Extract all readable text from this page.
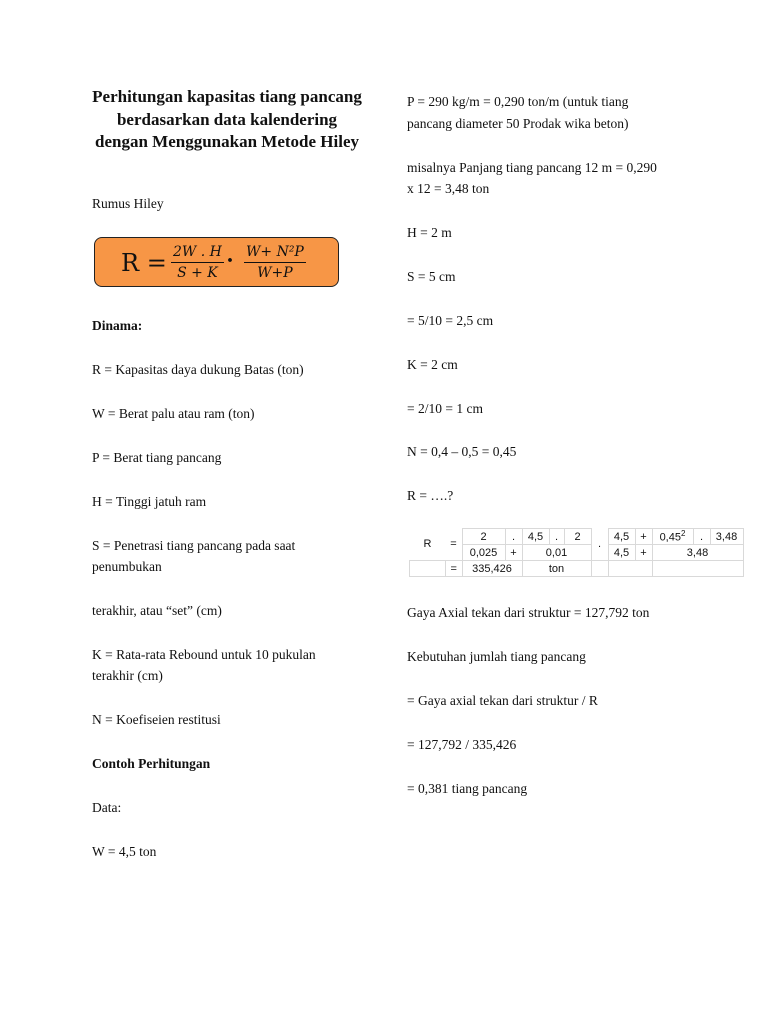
Perhitungan kapasitas tiang pancang berdasarkan data kalendering dengan Menggunakan Metode Hiley
Rumus Hiley
$R = \frac{2W . H}{S + K} \cdot \frac{\text{W+ N²P}}{W+P}$
Dinama:
R = Kapasitas daya dukung Batas (ton)
W = Berat palu atau ram (ton)
P = Berat tiang pancang
H = Tinggi jatuh ram
S = Penetrasi tiang pancang pada saat
penumbukan
terakhir, atau “set” (cm)
K = Rata-rata Rebound untuk 10 pukulan
terakhir (cm)
N = Koefiseien restitusi
Contoh Perhitungan
Data:
W = 4,5 ton
P = 290 kg/m = 0,290 ton/m (untuk tiang
pancang diameter 50 Prodak wika beton)
misalnya Panjang tiang pancang 12 m = 0,290
x 12 = 3,48 ton
H = 2 m
S = 5 cm
= 5/10 = 2,5 cm
K = 2 cm
= 2/10 = 1 cm
N = 0,4 – 0,5 = 0,45
R = ….?
R	=	2	.	4,5	.	2	.	4,5	+	$0,45^2$	.	3,48
		0,025	+	0,01				4,5	+	3,48		
	=	335,426		ton								
Gaya Axial tekan dari struktur = 127,792 ton
Kebutuhan jumlah tiang pancang
= Gaya axial tekan dari struktur / R
= 127,792 / 335,426
= 0,381 tiang pancang
